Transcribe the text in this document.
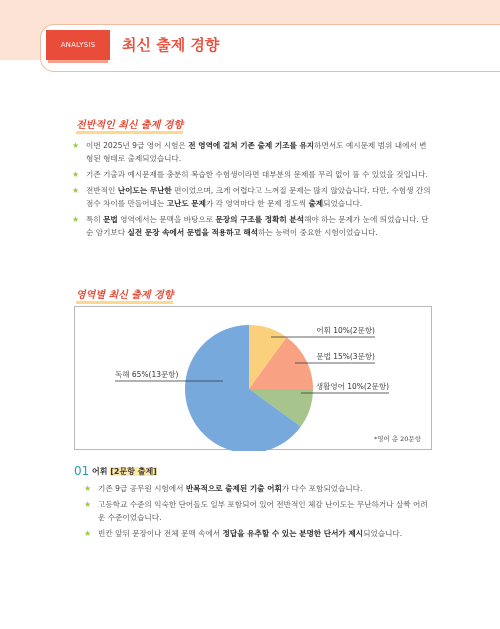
ANALYSIS	최신 출제 경향
전반적인 최신 출제 경향
★ 이번 2025년 9급 영어 시험은 전 영역에 걸쳐 기존 출제 기조를 유지하면서도 예시문제 범위 내에서 변형된 형태로 출제되었습니다.
★ 기존 기출과 예시문제를 충분히 복습한 수험생이라면 대부분의 문제를 무리 없이 풀 수 있었을 것입니다.
★ 전반적인 난이도는 무난한 편이었으며, 크게 어렵다고 느껴질 문제는 많지 않았습니다. 다만, 수험생 간의 점수 차이를 만들어내는 고난도 문제가 각 영역마다 한 문제 정도씩 출제되었습니다.
★ 특히 문법 영역에서는 문맥을 바탕으로 문장의 구조를 정확히 분석해야 하는 문제가 눈에 띄었습니다. 단순 암기보다 실전 문장 속에서 문법을 적용하고 해석하는 능력이 중요한 시험이었습니다.
영역별 최신 출제 경향
어휘 10%(2문항)
문법 15%(3문항)
생활영어 10%(2문항)
독해 65%(13문항)
*영어 총 20문항
01 어휘 [2문항 출제]
★ 기존 9급 공무원 시험에서 반복적으로 출제된 기출 어휘가 다수 포함되었습니다.
★ 고등학교 수준의 익숙한 단어들도 일부 포함되어 있어 전반적인 체감 난이도는 무난하거나 살짝 어려운 수준이었습니다.
★ 빈칸 앞뒤 문장이나 전체 문맥 속에서 정답을 유추할 수 있는 분명한 단서가 제시되었습니다.
